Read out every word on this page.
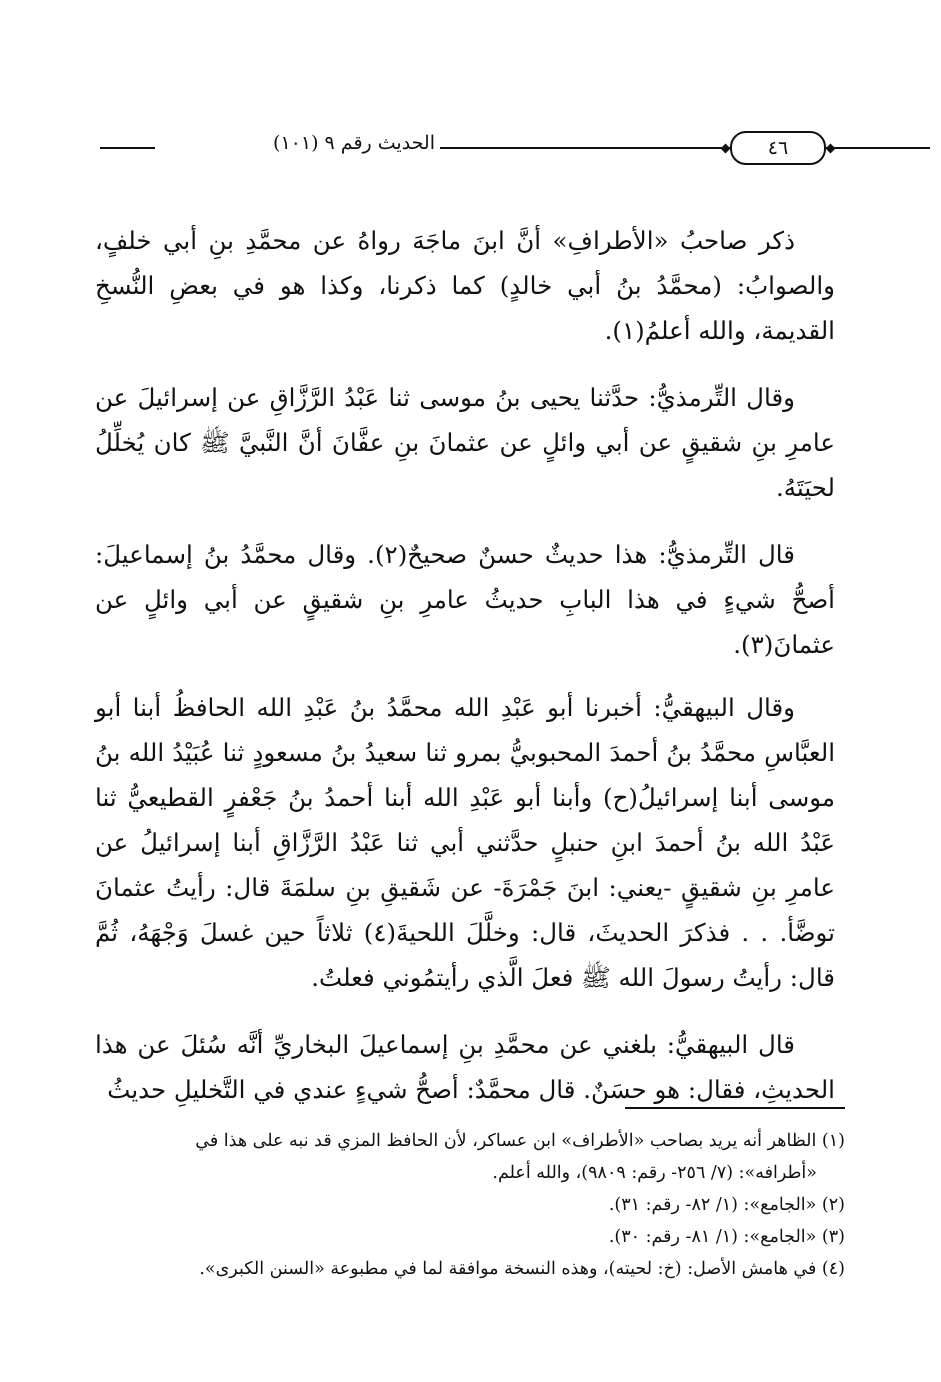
الحديث رقم ٩ (١٠١)	٤٦

ذكر صاحبُ «الأطرافِ» أنَّ ابنَ ماجَهَ رواهُ عن محمَّدِ بنِ أبي خلفٍ، والصوابُ: (محمَّدُ بنُ أبي خالدٍ) كما ذكرنا، وكذا هو في بعضِ النُّسخِ القديمة، والله أعلمُ(١).

وقال التِّرمذيُّ: حدَّثنا يحيى بنُ موسى ثنا عَبْدُ الرَّزَّاقِ عن إسرائيلَ عن عامرِ بنِ شقيقٍ عن أبي وائلٍ عن عثمانَ بنِ عفَّانَ أنَّ النَّبيَّ ﷺ كان يُخلِّلُ لحيَتَهُ.

قال التِّرمذيُّ: هذا حديثٌ حسنٌ صحيحٌ(٢). وقال محمَّدُ بنُ إسماعيلَ: أصحُّ شيءٍ في هذا البابِ حديثُ عامرِ بنِ شقيقٍ عن أبي وائلٍ عن عثمانَ(٣).

وقال البيهقيُّ: أخبرنا أبو عَبْدِ الله محمَّدُ بنُ عَبْدِ الله الحافظُ أبنا أبو العبَّاسِ محمَّدُ بنُ أحمدَ المحبوبيُّ بمرو ثنا سعيدُ بنُ مسعودٍ ثنا عُبَيْدُ الله بنُ موسى أبنا إسرائيلُ(ح) وأبنا أبو عَبْدِ الله أبنا أحمدُ بنُ جَعْفرٍ القطيعيُّ ثنا عَبْدُ الله بنُ أحمدَ ابنِ حنبلٍ حدَّثني أبي ثنا عَبْدُ الرَّزَّاقِ أبنا إسرائيلُ عن عامرِ بنِ شقيقٍ -يعني: ابنَ جَمْرَةَ- عن شَقيقِ بنِ سلمَةَ قال: رأيتُ عثمانَ توضَّأ. . . فذكرَ الحديثَ، قال: وخلَّلَ اللحيةَ(٤) ثلاثاً حين غسلَ وَجْهَهُ، ثُمَّ قال: رأيتُ رسولَ الله ﷺ فعلَ الَّذي رأيتمُوني فعلتُ.

قال البيهقيُّ: بلغني عن محمَّدِ بنِ إسماعيلَ البخاريِّ أنَّه سُئلَ عن هذا الحديثِ، فقال: هو حسَنٌ. قال محمَّدٌ: أصحُّ شيءٍ عندي في التَّخليلِ حديثُ

(١) الظاهر أنه يريد بصاحب «الأطراف» ابن عساكر، لأن الحافظ المزي قد نبه على هذا في
«أطرافه»: (٧/ ٢٥٦- رقم: ٩٨٠٩)، والله أعلم.
(٢) «الجامع»: (١/ ٨٢- رقم: ٣١).
(٣) «الجامع»: (١/ ٨١- رقم: ٣٠).
(٤) في هامش الأصل: (خ: لحيته)، وهذه النسخة موافقة لما في مطبوعة «السنن الكبرى».
